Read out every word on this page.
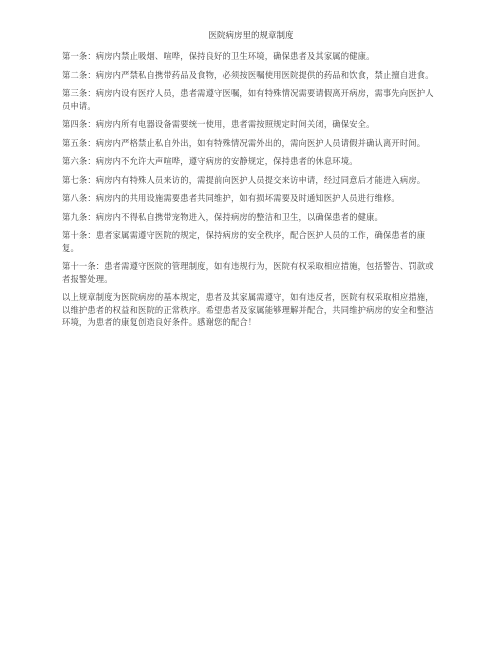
医院病房里的规章制度

第一条：病房内禁止吸烟、喧哗，保持良好的卫生环境，确保患者及其家属的健康。

第二条：病房内严禁私自携带药品及食物，必须按医嘱使用医院提供的药品和饮食，禁止擅自进食。

第三条：病房内设有医疗人员，患者需遵守医嘱，如有特殊情况需要请假离开病房，需事先向医护人员申请。

第四条：病房内所有电器设备需要统一使用，患者需按照规定时间关闭，确保安全。

第五条：病房内严格禁止私自外出，如有特殊情况需外出的，需向医护人员请假并确认离开时间。

第六条：病房内不允许大声喧哗，遵守病房的安静规定，保持患者的休息环境。

第七条：病房内有特殊人员来访的，需提前向医护人员提交来访申请，经过同意后才能进入病房。

第八条：病房内的共用设施需要患者共同维护，如有损坏需要及时通知医护人员进行维修。

第九条：病房内不得私自携带宠物进入，保持病房的整洁和卫生，以确保患者的健康。

第十条：患者家属需遵守医院的规定，保持病房的安全秩序，配合医护人员的工作，确保患者的康复。

第十一条：患者需遵守医院的管理制度，如有违规行为，医院有权采取相应措施，包括警告、罚款或者报警处理。

以上规章制度为医院病房的基本规定，患者及其家属需遵守，如有违反者，医院有权采取相应措施，以维护患者的权益和医院的正常秩序。希望患者及家属能够理解并配合，共同维护病房的安全和整洁环境，为患者的康复创造良好条件。感谢您的配合！
